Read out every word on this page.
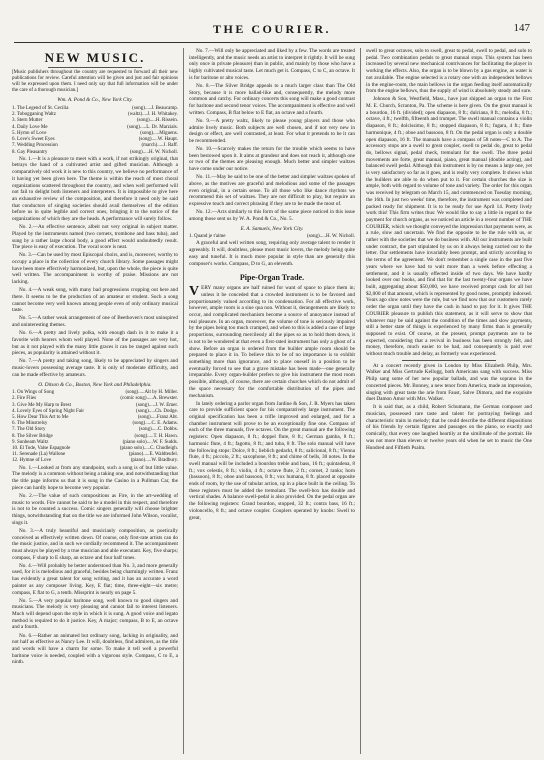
THE COURIER.	147
NEW MUSIC.
[Music publishers throughout the country are requested to forward all their new publications for review. Careful attention will be given and just and fair opinions will be expressed upon them. I need only say that full information will be under the care of a thorough musician.]
Wm. A. Pond & Co., New York City.
1. The Legend of St. Cecilia	(song).....J. Beaucamp.
2. Tobogganing Waltz	(waltz)....J. H. Whitakey.
3. Stern Mutter	(song).....H. Rissein.
4. Daily Love Me	(song).....L. Dr. Marzials.
5. Hymn of Love	(song).....Miguens.
6. Love's Sweet Eyes	(song).....W. Haupt.
7. Wedding Procession	(march).....J. Raff.
8. Gay Pleasantry	(song).....H. W. Nicholl.

No. 1.—It is a pleasure to meet with a work, if not strikingly original, that betrays the hand of a cultivated artist and gifted musician. Although a comparatively old work it is new to this country, we believe no performance of it having yet been given here. The theme is within the reach of most choral organizations scattered throughout the country, and when well performed will not fail to delight both listeners and interpreters. It is impossible to give here an exhaustive review of the composition, and therefore it need only be said that conductors of singing societies should avail themselves of the edition before us in quite legible and correct ones, bringing it to the notice of the organizations of which they are the heads. A performance will surely follow.

No. 2.—An effective sentence, albeit not very original in subject matter. Played by the instruments named (two cornets, trombone and bass tuba), and sung by a rather large choral body, a good effect would undoubtedly result. The piece is easy of execution. The vocal score is neat.

No. 3.—Can be used by most Episcopal choirs, and is, moreover, worthy to occupy a place in the collection of every church library. Some passages might have been more effectively harmonized, but, upon the whole, the piece is quite well written. The accompaniment is worthy of praise. Missions are not lacking.

No. 4.—A weak song, with many bad progressions cropping out here and there. It seems to be the production of an amateur or student. Such a song cannot become very well known among people even of only ordinary musical taste.

No. 5.—A rather weak arrangement of one of Beethoven's most uninspired and uninteresting themes.

No. 6.—A pretty and lively polka, with enough dash in it to make it a favorite with hearers whom well played. None of the passages are very hot, but as it not played with the many little graces it can be ranged against such pieces, as popularity is attained without it.

No. 7.—A pretty and taking song, likely to be appreciated by singers and music-lovers possessing average taste. It is only of moderate difficulty, and can be made effective by amateurs.

O. Ditson & Co., Boston, New York and Philadelphia.
1. On Wings of Song	(song).....Alt by H. Miller.
2. Fire Flies	(comic song).....A. Brewster.
3. Give Me My Harp to Brest	(song).....J. W. Emer.
4. Lovely Eyes of Spring Night Fair	(song).....Ch. Dodge.
5. How Dear This Art to Me	(song).....Franz Abt.
6. The Minstrelsy	(song).....C. E. Adams.
7. The Old Story	(song).....C. Dobbs.
8. The Silver Bridge	(song).....T. H. Hawn.
9. Sunbeam Waltz	(piano solo).....W. F. Sudds.
10. El Tode, Valse Espagnole	(piano solo).....C. Chudleigh.
11. Serenade (La) Wallone	(piano).....E. Waldteufel.
12. Hymne of Love	(piano).....W. Bradbury.

No. 1.—Looked at from any standpoint, such a song is of but little value. The melody is a common without being a taking one, and notwithstanding that the title page informs us that it is sung in the Casino in a Pullman Car, the piece can hardly hope to become very popular.

No. 2.—The value of such compositions as Fire, in the art-wedding of music to words. Fire cannot be said to be a model in this respect, and therefore is not to be counted a success. Comic singers generally will choose brighter things, notwithstanding that on the title we are informed John Wilson, vocalist, sings it.

No. 3.—A truly beautiful and musicianly composition, as poetically conceived as effectively written down. Of course, only first-rate artists can do the music justice, and in such we cordially recommend it. The accompaniment must always be played by a true musician and able executant. Key, five sharps; compass, F sharp to E sharp, an octave and four half tones.

No. 4.—Will probably be better understood than No. 3, and more generally used, for it is melodious and graceful, besides being charmingly written. Franz has evidently a great talent for song writing, and it has an accurate a word painter as any composer living. Key, E flat; time, three-eight—six metre; compass, E flat to G, a tenth. Missprint is nearly on page 5.

No. 5.—A very popular baritone song, well known to good singers and musicians. The melody is very pleasing and cannot fail to interest listeners. Much will depend upon the style in which it is sung. A good voice and legato method is required to do it justice. Key, A major; compass, B to E, an octave and a fourth.

No. 6.—Rather an animated but ordinary song, lacking in originality, and not half as effective as Nancy Lee. It will, doubtless, find admirers, as the title and words will have a charm for some. To make it tell well a powerful baritone voice is needed, coupled with a vigorous style. Compass, C to E, a ninth.

No. 7.—Will only be appreciated and liked by a few. The words are treated intelligently, and the music needs an artist to interpret it rightly. It will be sung only once in private pleasure) than in public, and mainly by those who have a highly cultivated musical taste. Let much get it. Compass, C to C, an octave. It is for baritone or alto voices.

No. 8.—The Silver Bridge appeals to a much larger class than The Old Story, because it is more ballad-like and, consequently, the melody more common and catchy. For ordinary concerts this song will make a good contrast for baritone and second tenor voices. The accompaniment is effective and well written. Compass, B flat below to E flat, an octave and a fourth.

No. 9.—A pretty waltz, likely to please young players and those who admire lively music. Both subjects are well chosen, and if not very new in design or effect, are well contrasted, at least. For what it pretends to be it can be recommended.

No. 10.—Scarcely makes the return for the trouble which seems to have been bestowed upon it. It aims at grandeur and does not reach it, although one or two of the themes are pleasing enough. Much better and simpler waltzes have come under our notice.

No. 11.—May be said to be one of the better and simpler waltzes spoken of above, as the motives are graceful and melodious and some of the passages even original, in a certain sense. To all those who like dance rhythms we recommend this set of waltzes. They are not difficult to play, but require an expressive touch and correct phrasing if they are to be made the most of.

No. 12.—Acts similarly to this form of the same piece noticed in this issue among those sent us by W. A. Pond & Co., No. 5.

E. A. Samuels, New York City.
1. Quand je t'aime	(song).....H. W. Nicholl.

A graceful and well written song, requiring only average talent to render it agreeably. It will, doubtless, please most music lovers, the melody being quite easy and tuneful. It is much more popular in style than are generally this composer's works. Compass, D to G, an eleventh.

Pipe-Organ Trade.

VERY many organs are half ruined for want of space to place them in; unless it be conceded that a crowded instrument is to be favored and proportionately valued according to its condensation. For all effective work, however, ample room is a sine qua non. Without it, derangements are likely to occur, and complicated mechanism become a source of annoyance instead of real pleasure. In an organ, moreover, the volume of tone is seriously impaired by the pipes being too much cramped, and when to this is added a case of large proportions, surrounding mercilessly all the pipes so as to hold them down, it is not to be wondered at that even a first-rated instrument has only a ghost of a show. Before an organ is ordered from the builder ample room should be prepared to place it in. To believe this to be of no importance is to exhibit something more than ignorance, and to place oneself in a position to be eventually forced to see that a grave mistake has been made—one generally irreparable. Every organ-builder prefers to give his instrument the most room possible, although, of course, there are certain churches which do not admit of the space necessary for the comfortable distribution of the pipes and mechanism.

In lately ordering a parlor organ from Jardine & Son, J. R. Myers has taken care to provide sufficient space for his comparatively large instrument. The original specification has been a trifle improved and enlarged, and for a chamber instrument will prove to be an exceptionally fine one. Compass of each of the three manuals, five octaves. On the great manual are the following registers: Open diapason, 8 ft.; doppel flute, 8 ft.; German gamba, 8 ft.; harmonic flute, 4 ft.; fagotto, 8 ft.; and tuba, 8 ft. The solo manual will have the following stops: Dolce, 8 ft.; lieblich gedackt, 8 ft.; salicional, 8 ft.; Vienna flute, 4 ft.; piccolo, 2 ft.; saxophone, 8 ft.; and chime of bells, 30 notes. In the swell manual will be included a bourdon treble and bass, 16 ft.; quintadena, 8 ft.; vox celestis, 8 ft.; violin, 4 ft.; octave flute, 2 ft.; cornet, 2 ranks; horn (bassoon), 8 ft.; oboe and bassoon, 8 ft.; vox humana, 8 ft. placed at opposite ends of room, by the use of tubular action, up in a place built in the ceiling. To these registers must be added the tremolant. The swell-box has double and vertical shades. A balance swell-pedal is also provided. On the pedal organ are the following registers: Grand bourdon, stopped, 32 ft.; contra bass, 16 ft.; violoncello, 8 ft.; and octave coupler. Couplers operated by knobs: Swell to great,

swell to great octaves, solo to swell, great to pedal, swell to pedal, and solo to pedal. Two combination pedals to great manual stops. This system has been increased by several new mechanical contrivances for facilitating the player in working the effects. Also, the organ is to be blown by a gas engine, as water is not available. The engine selected is a rotary one with an independent bellows in the engine-room, the main bellows in the organ feeding itself automatically from the engine bellows, thus the supply of wind is absolutely steady and sure.

Johnson & Son, Westfield, Mass., have just shipped an organ to the First M. E. Church, Scranton, Pa. The scheme is here given. On the great manual is a bourdon, 16 ft. (divided); open diapason, 8 ft.; dulciana, 8 ft.; melodia, 8 ft.; octave, 4 ft.; twelfth, fifteenth and trumpet. The swell manual contains a violin diapason, 8 ft.; dolcissimo, 8 ft.; stopped diapason, 8 ft.; fugara, 4 ft.; flute harmonique, 4 ft.; oboe and bassoon, 8 ft. On the pedal organ is only a double open diapason, 16 ft. The manuals have a compass of 58 notes—C to A. The accessory stops are a swell to great coupler, swell to pedal do, great to pedal do, bellows signal, pedal check, tremulant for the swell. The three pedal movements are forte, great manual, piano, great manual (double acting), and balanced swell pedal. Although this instrument is by no means a large one, yet is very satisfactory so far as it goes, and is really very complete. It shows what the builders are able to do when put to it. For certain churches the size is ample, both with regard to volume of tone and variety. The order for this organ was received by telegram on March 15, and commenced on Tuesday morning, the 16th. In just two weeks' time, therefore, the instrument was completed and packed ready for shipment. It is to be ready for use April 14. Pretty lively work this! This firm writes thus: We would like to say a little in regard to the payment for church organs, as we noticed an article in a recent number of THE COURIER, which we thought conveyed the impression that payments were, as a rule, slow and uncertain. We find the opposite to be the rule with us, or rather with the societies that we do business with. All our instruments are built under contract, the part stipulated by us on it always being carried out to the letter. Our settlements have invariably been prompt, and strictly according to the terms of the agreement. We don't remember a single case in the past five years where we have had to wait more than a week before effecting a settlement, and it is usually effected inside of two days. We have hardly looked over our books, and find that for the last twenty-four organs we have built, aggregating about $50,000, we have received prompt cash for all but $2,000 of that amount, which is represented by good notes, promptly indorsed. Years ago slow notes were the rule, but we find now that our customers rarely order the organ until they have the cash in hand to pay for it. It gives THE COURIER pleasure to publish this statement, as it will serve to show that whatever may be said against the condition of the times and slow payments, still a better state of things is experienced by many firms than is generally supposed to exist. Of course, at the present, prompt payments are to be expected, considering that a revival in business has been strongly felt, and money, therefore, much easier to be had, and consequently is paid over without much trouble and delay, as formerly was experienced.

At a concert recently given in London by Miss Elizabeth Philp, Mrs. Walker and Miss Gertrude Kellogg, both Americans sang with success. Miss Philp sang some of her new popular ballads, and was the soprano in the concerted pieces. Mr. Bonney, a new tenor from America, made an impression, singing with great taste the arie from Faust, Salve Dimora, and the exquisite duet Damon Amor with Mrs. Walker.

It is said that, as a child, Robert Schumann, the German composer and musician, possessed rare taste and talent for portraying feelings and characteristic traits in melody; that he could describe the different dispositions of his friends by certain figures and passages on the piano, so exactly and comically, that every one laughed heartily at the similitude of the portrait. He was not more than eleven or twelve years old when he set to music the One Hundred and Fiftieth Psalm.
